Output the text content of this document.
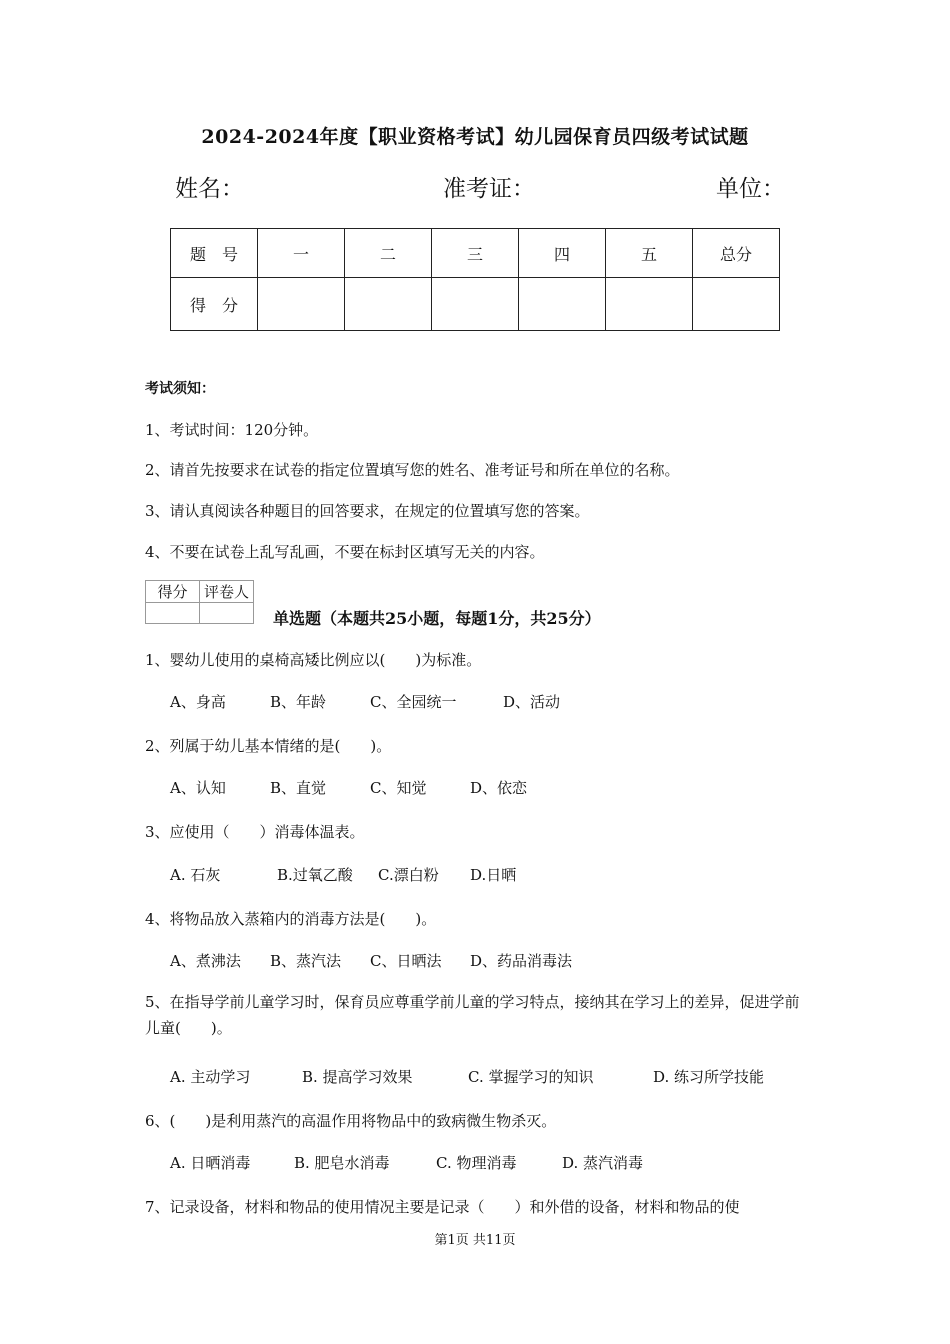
2024-2024年度【职业资格考试】幼儿园保育员四级考试试题
姓名：	准考证：	单位：
题　号	一	二	三	四	五	总分
得　分						
考试须知：
1、考试时间：120分钟。
2、请首先按要求在试卷的指定位置填写您的姓名、准考证号和所在单位的名称。
3、请认真阅读各种题目的回答要求，在规定的位置填写您的答案。
4、不要在试卷上乱写乱画，不要在标封区填写无关的内容。
得分	评卷人

单选题（本题共25小题，每题1分，共25分）
1、婴幼儿使用的桌椅高矮比例应以(　　)为标准。
A、身高	B、年龄	C、全园统一	D、活动
2、列属于幼儿基本情绪的是(　　)。
A、认知	B、直觉	C、知觉	D、依恋
3、应使用（　　）消毒体温表。
A. 石灰	B.过氧乙酸 C.漂白粉 D.日晒
4、将物品放入蒸箱内的消毒方法是(　　)。
A、煮沸法 B、蒸汽法 C、日晒法 D、药品消毒法
5、在指导学前儿童学习时，保育员应尊重学前儿童的学习特点，接纳其在学习上的差异，促进学前儿童(　　)。
A. 主动学习	B. 提高学习效果	C. 掌握学习的知识	D. 练习所学技能
6、(　　)是利用蒸汽的高温作用将物品中的致病微生物杀灭。
A. 日晒消毒	B. 肥皂水消毒	C. 物理消毒	D. 蒸汽消毒
7、记录设备，材料和物品的使用情况主要是记录（　　）和外借的设备，材料和物品的使
第1页 共11页
